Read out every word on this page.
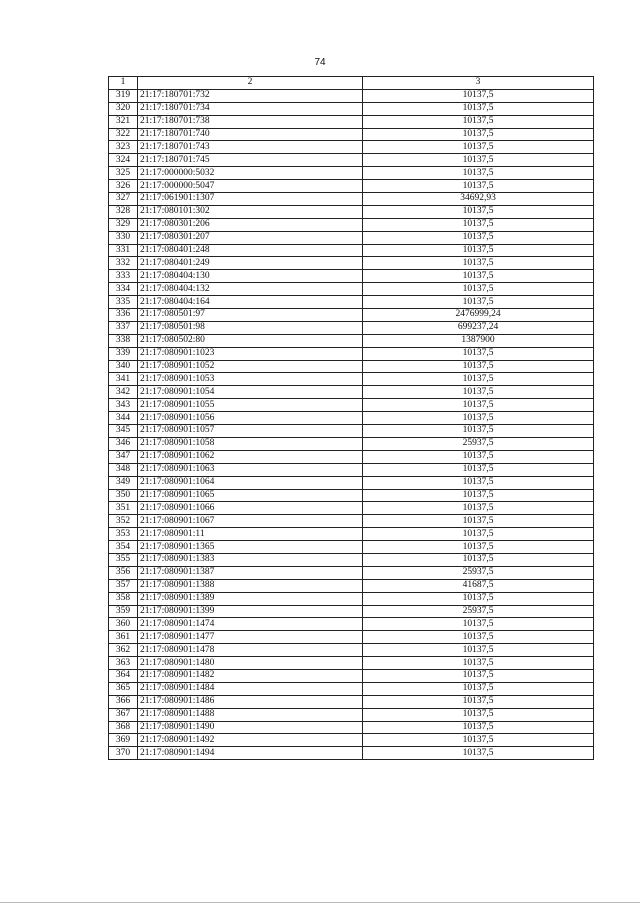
74
1	2	3
319	21:17:180701:732	10137,5
320	21:17:180701:734	10137,5
321	21:17:180701:738	10137,5
322	21:17:180701:740	10137,5
323	21:17:180701:743	10137,5
324	21:17:180701:745	10137,5
325	21:17:000000:5032	10137,5
326	21:17:000000:5047	10137,5
327	21:17:061901:1307	34692,93
328	21:17:080101:302	10137,5
329	21:17:080301:206	10137,5
330	21:17:080301:207	10137,5
331	21:17:080401:248	10137,5
332	21:17:080401:249	10137,5
333	21:17:080404:130	10137,5
334	21:17:080404:132	10137,5
335	21:17:080404:164	10137,5
336	21:17:080501:97	2476999,24
337	21:17:080501:98	699237,24
338	21:17:080502:80	1387900
339	21:17:080901:1023	10137,5
340	21:17:080901:1052	10137,5
341	21:17:080901:1053	10137,5
342	21:17:080901:1054	10137,5
343	21:17:080901:1055	10137,5
344	21:17:080901:1056	10137,5
345	21:17:080901:1057	10137,5
346	21:17:080901:1058	25937,5
347	21:17:080901:1062	10137,5
348	21:17:080901:1063	10137,5
349	21:17:080901:1064	10137,5
350	21:17:080901:1065	10137,5
351	21:17:080901:1066	10137,5
352	21:17:080901:1067	10137,5
353	21:17:080901:11	10137,5
354	21:17:080901:1365	10137,5
355	21:17:080901:1383	10137,5
356	21:17:080901:1387	25937,5
357	21:17:080901:1388	41687,5
358	21:17:080901:1389	10137,5
359	21:17:080901:1399	25937,5
360	21:17:080901:1474	10137,5
361	21:17:080901:1477	10137,5
362	21:17:080901:1478	10137,5
363	21:17:080901:1480	10137,5
364	21:17:080901:1482	10137,5
365	21:17:080901:1484	10137,5
366	21:17:080901:1486	10137,5
367	21:17:080901:1488	10137,5
368	21:17:080901:1490	10137,5
369	21:17:080901:1492	10137,5
370	21:17:080901:1494	10137,5
